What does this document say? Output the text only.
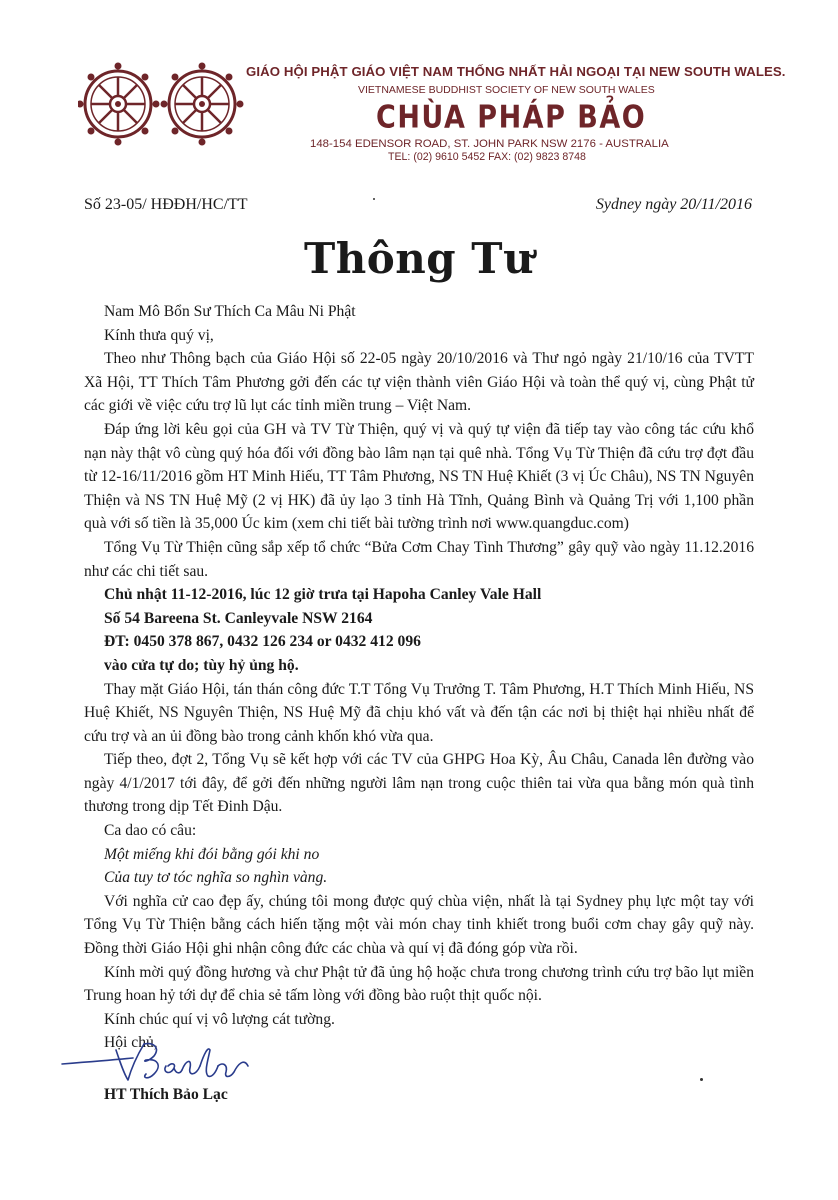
GIÁO HỘI PHẬT GIÁO VIỆT NAM THỐNG NHẤT HẢI NGOẠI TẠI NEW SOUTH WALES.
VIETNAMESE BUDDHIST SOCIETY OF NEW SOUTH WALES
CHÙA PHÁP BẢO
148-154 EDENSOR ROAD, ST. JOHN PARK NSW 2176 - AUSTRALIA
TEL: (02) 9610 5452 FAX: (02) 9823 8748
Số 23-05/ HĐĐH/HC/TT	Sydney ngày 20/11/2016
Thông Tư

Nam Mô Bổn Sư Thích Ca Mâu Ni Phật

Kính thưa quý vị,

Theo như Thông bạch của Giáo Hội số 22-05 ngày 20/10/2016 và Thư ngỏ ngày 21/10/16 của TVTT Xã Hội, TT Thích Tâm Phương gởi đến các tự viện thành viên Giáo Hội và toàn thể quý vị, cùng Phật tử các giới về việc cứu trợ lũ lụt các tỉnh miền trung – Việt Nam.

Đáp ứng lời kêu gọi của GH và TV Từ Thiện, quý vị và quý tự viện đã tiếp tay vào công tác cứu khổ nạn này thật vô cùng quý hóa đối với đồng bào lâm nạn tại quê nhà. Tổng Vụ Từ Thiện đã cứu trợ đợt đầu từ 12-16/11/2016 gồm HT Minh Hiếu, TT Tâm Phương, NS TN Huệ Khiết (3 vị Úc Châu), NS TN Nguyên Thiện và NS TN Huệ Mỹ (2 vị HK) đã ủy lạo 3 tỉnh Hà Tĩnh, Quảng Bình và Quảng Trị với 1,100 phần quà với số tiền là 35,000 Úc kim (xem chi tiết bài tường trình nơi www.quangduc.com)

Tổng Vụ Từ Thiện cũng sắp xếp tổ chức “Bửa Cơm Chay Tình Thương” gây quỹ vào ngày 11.12.2016 như các chi tiết sau.

Chủ nhật 11-12-2016, lúc 12 giờ trưa tại Hapoha Canley Vale Hall

Số 54 Bareena St. Canleyvale NSW 2164

ĐT: 0450 378 867, 0432 126 234 or 0432 412 096

vào cửa tự do; tùy hỷ ủng hộ.

Thay mặt Giáo Hội, tán thán công đức T.T Tổng Vụ Trưởng T. Tâm Phương, H.T Thích Minh Hiếu, NS Huệ Khiết, NS Nguyên Thiện, NS Huệ Mỹ đã chịu khó vất và đến tận các nơi bị thiệt hại nhiều nhất để cứu trợ và an ủi đồng bào trong cảnh khốn khó vừa qua.

Tiếp theo, đợt 2, Tổng Vụ sẽ kết hợp với các TV của GHPG Hoa Kỳ, Âu Châu, Canada lên đường vào ngày 4/1/2017 tới đây, để gởi đến những người lâm nạn trong cuộc thiên tai vừa qua bằng món quà tình thương trong dịp Tết Đinh Dậu.

Ca dao có câu:

Một miếng khi đói bằng gói khi no

Của tuy tơ tóc nghĩa so nghìn vàng.

Với nghĩa cử cao đẹp ấy, chúng tôi mong được quý chùa viện, nhất là tại Sydney phụ lực một tay với Tổng Vụ Từ Thiện bằng cách hiến tặng một vài món chay tinh khiết trong buổi cơm chay gây quỹ này. Đồng thời Giáo Hội ghi nhận công đức các chùa và quí vị đã đóng góp vừa rồi.

Kính mời quý đồng hương và chư Phật tử đã ủng hộ hoặc chưa trong chương trình cứu trợ bão lụt miền Trung hoan hỷ tới dự để chia sẻ tấm lòng với đồng bào ruột thịt quốc nội.

Kính chúc quí vị vô lượng cát tường.

Hội chủ,

HT Thích Bảo Lạc
